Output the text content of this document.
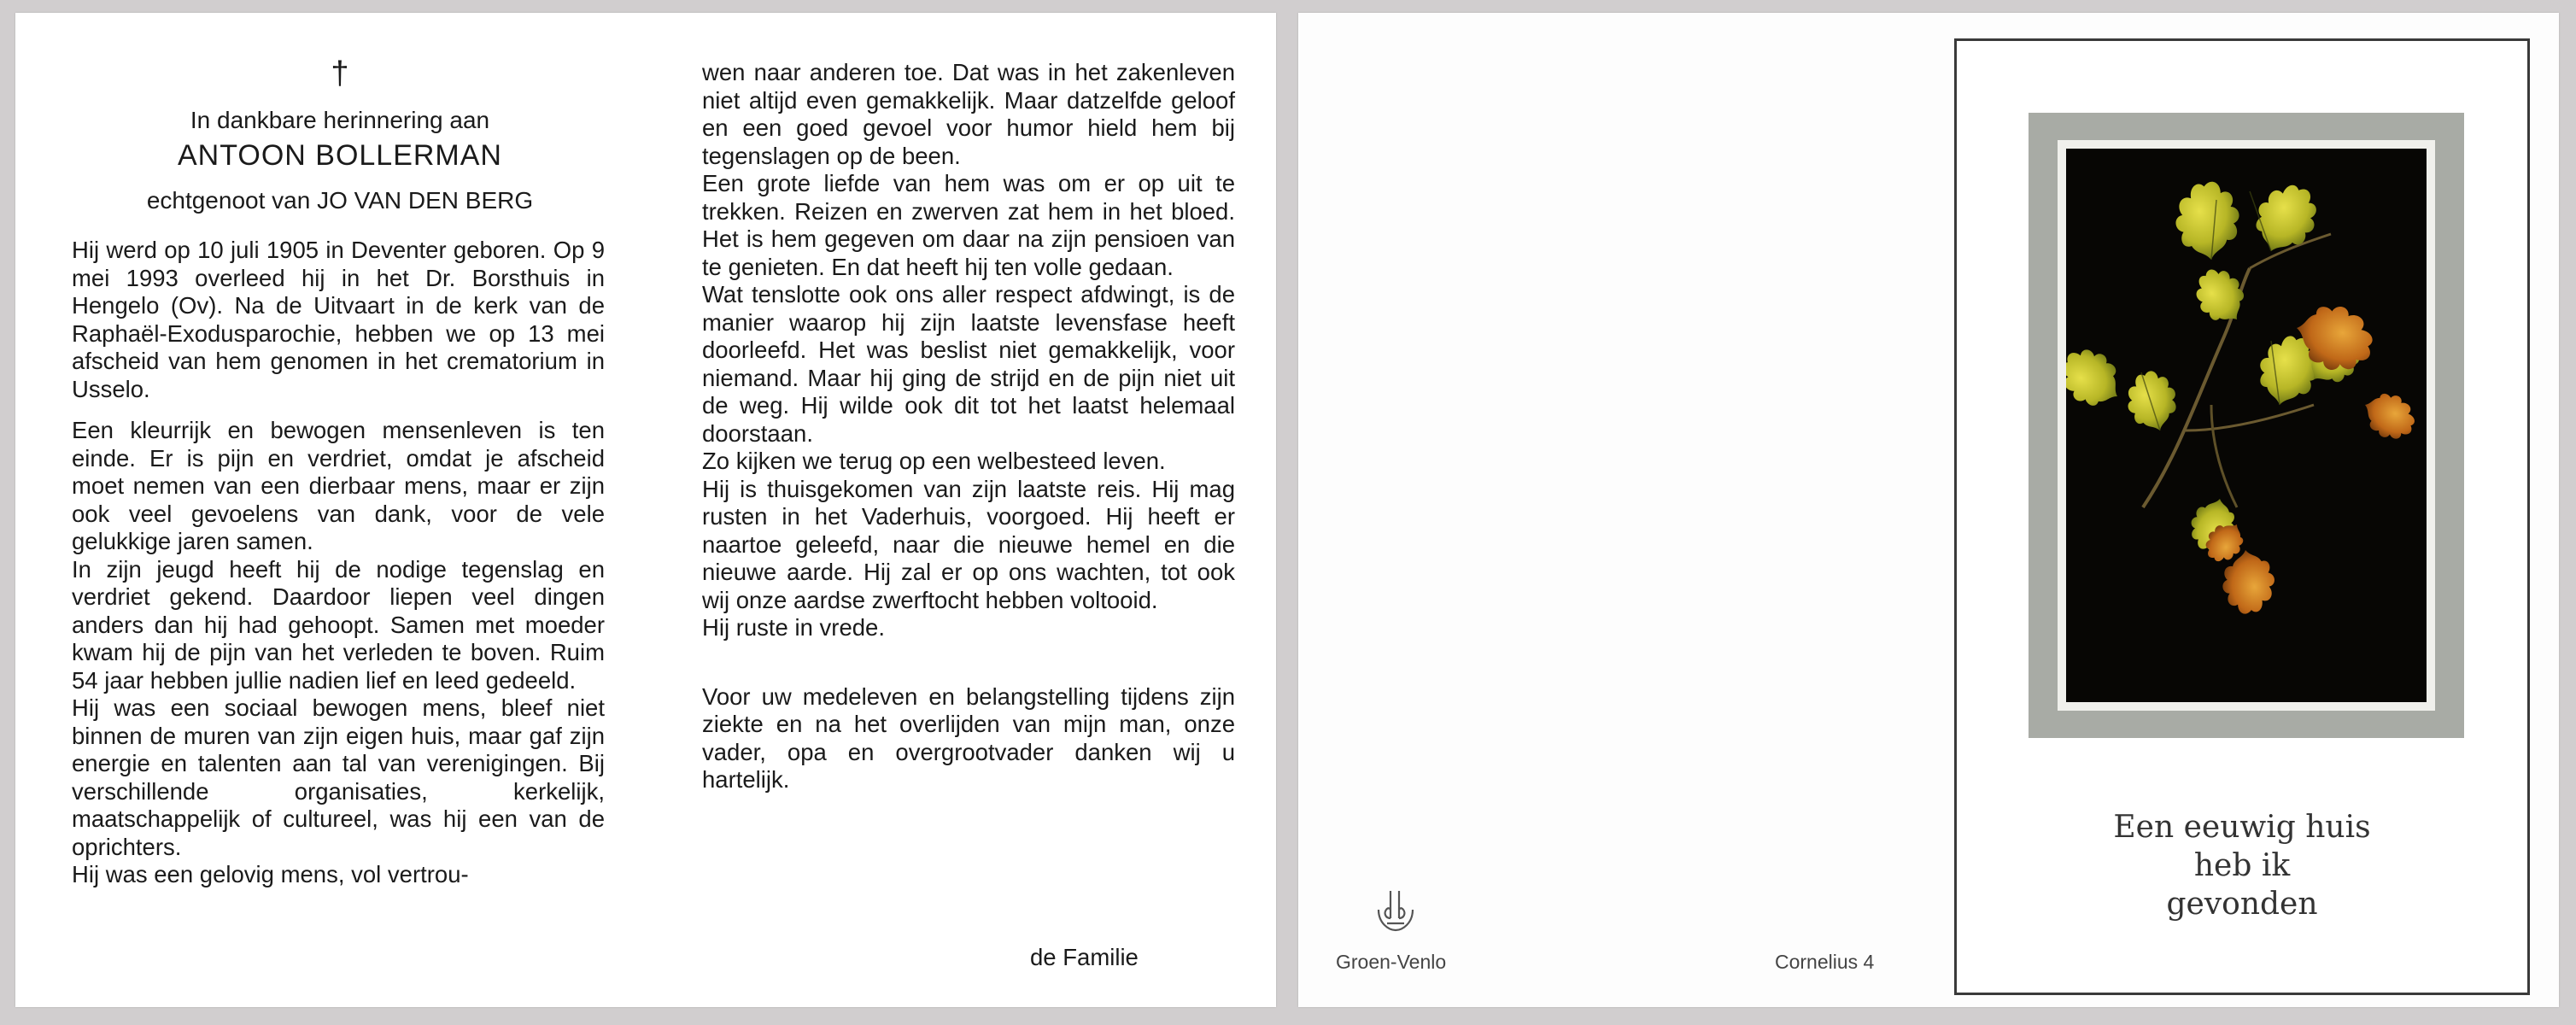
†
In dankbare herinnering aan
ANTOON BOLLERMAN
echtgenoot van JO VAN DEN BERG

Hij werd op 10 juli 1905 in Deventer geboren. Op 9 mei 1993 overleed hij in het Dr. Borsthuis in Hengelo (Ov). Na de Uitvaart in de kerk van de Raphaël-Exodusparochie, hebben we op 13 mei afscheid van hem genomen in het crematorium in Usselo.

Een kleurrijk en bewogen mensenleven is ten einde. Er is pijn en verdriet, omdat je afscheid moet nemen van een dierbaar mens, maar er zijn ook veel gevoelens van dank, voor de vele gelukkige jaren samen.

In zijn jeugd heeft hij de nodige tegenslag en verdriet gekend. Daardoor liepen veel dingen anders dan hij had gehoopt. Samen met moeder kwam hij de pijn van het verleden te boven. Ruim 54 jaar hebben jullie nadien lief en leed gedeeld.

Hij was een sociaal bewogen mens, bleef niet binnen de muren van zijn eigen huis, maar gaf zijn energie en talenten aan tal van verenigingen. Bij verschillende organisaties, kerkelijk, maatschappelijk of cultureel, was hij een van de oprichters.

Hij was een gelovig mens, vol vertrou-

wen naar anderen toe. Dat was in het zakenleven niet altijd even gemakkelijk. Maar datzelfde geloof en een goed gevoel voor humor hield hem bij tegenslagen op de been.

Een grote liefde van hem was om er op uit te trekken. Reizen en zwerven zat hem in het bloed. Het is hem gegeven om daar na zijn pensioen van te genieten. En dat heeft hij ten volle gedaan.

Wat tenslotte ook ons aller respect afdwingt, is de manier waarop hij zijn laatste levensfase heeft doorleefd. Het was beslist niet gemakkelijk, voor niemand. Maar hij ging de strijd en de pijn niet uit de weg. Hij wilde ook dit tot het laatst helemaal doorstaan.

Zo kijken we terug op een welbesteed leven.

Hij is thuisgekomen van zijn laatste reis. Hij mag rusten in het Vaderhuis, voorgoed. Hij heeft er naartoe geleefd, naar die nieuwe hemel en die nieuwe aarde. Hij zal er op ons wachten, tot ook wij onze aardse zwerftocht hebben voltooid.

Hij ruste in vrede.

Voor uw medeleven en belangstelling tijdens zijn ziekte en na het overlijden van mijn man, onze vader, opa en overgrootvader danken wij u hartelijk.

de Familie
Een eeuwig huis
heb ik
gevonden
Groen-Venlo	Cornelius 4
